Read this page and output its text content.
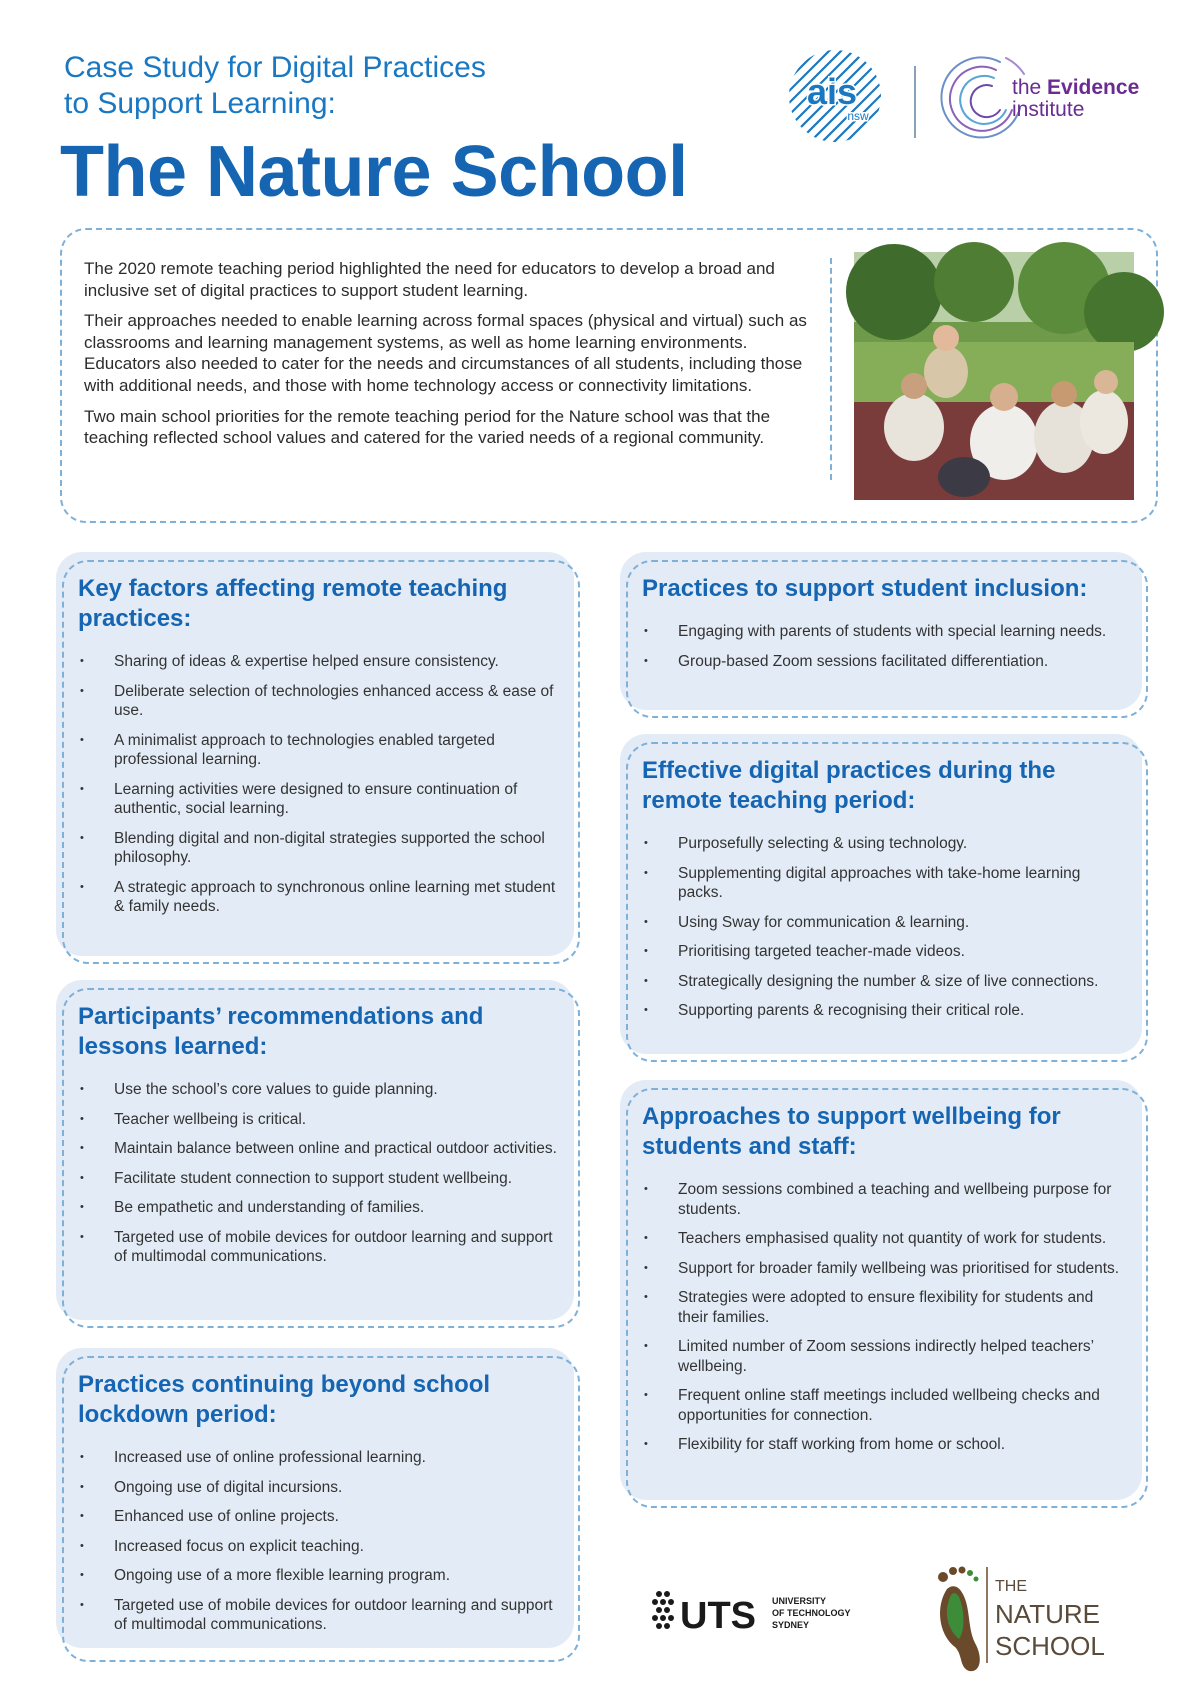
Case Study for Digital Practices
to Support Learning:
The Nature School
ais
nsw
the Evidence
institute

The 2020 remote teaching period highlighted the need for educators to develop a broad and inclusive set of digital practices to support student learning.

Their approaches needed to enable learning across formal spaces (physical and virtual) such as classrooms and learning management systems, as well as home learning environments. Educators also needed to cater for the needs and circumstances of all students, including those with additional needs, and those with home technology access or connectivity limitations.

Two main school priorities for the remote teaching period for the Nature school was that the teaching reflected school values and catered for the varied needs of a regional community.

Key factors affecting remote teaching practices:
• Sharing of ideas & expertise helped ensure consistency.
• Deliberate selection of technologies enhanced access & ease of use.
• A minimalist approach to technologies enabled targeted professional learning.
• Learning activities were designed to ensure continuation of authentic, social learning.
• Blending digital and non-digital strategies supported the school philosophy.
• A strategic approach to synchronous online learning met student & family needs.
Participants’ recommendations and lessons learned:
• Use the school’s core values to guide planning.
• Teacher wellbeing is critical.
• Maintain balance between online and practical outdoor activities.
• Facilitate student connection to support student wellbeing.
• Be empathetic and understanding of families.
• Targeted use of mobile devices for outdoor learning and support of multimodal communications.
Practices continuing beyond school lockdown period:
• Increased use of online professional learning.
• Ongoing use of digital incursions.
• Enhanced use of online projects.
• Increased focus on explicit teaching.
• Ongoing use of a more flexible learning program.
• Targeted use of mobile devices for outdoor learning and support of multimodal communications.
Practices to support student inclusion:
• Engaging with parents of students with special learning needs.
• Group-based Zoom sessions facilitated differentiation.
Effective digital practices during the remote teaching period:
• Purposefully selecting & using technology.
• Supplementing digital approaches with take-home learning packs.
• Using Sway for communication & learning.
• Prioritising targeted teacher-made videos.
• Strategically designing the number & size of live connections.
• Supporting parents & recognising their critical role.
Approaches to support wellbeing for students and staff:
• Zoom sessions combined a teaching and wellbeing purpose for students.
• Teachers emphasised quality not quantity of work for students.
• Support for broader family wellbeing was prioritised for students.
• Strategies were adopted to ensure flexibility for students and their families.
• Limited number of Zoom sessions indirectly helped teachers’ wellbeing.
• Frequent online staff meetings included wellbeing checks and opportunities for connection.
• Flexibility for staff working from home or school.
UTS UNIVERSITY
OF TECHNOLOGY
SYDNEY
THE
NATURE
SCHOOL
